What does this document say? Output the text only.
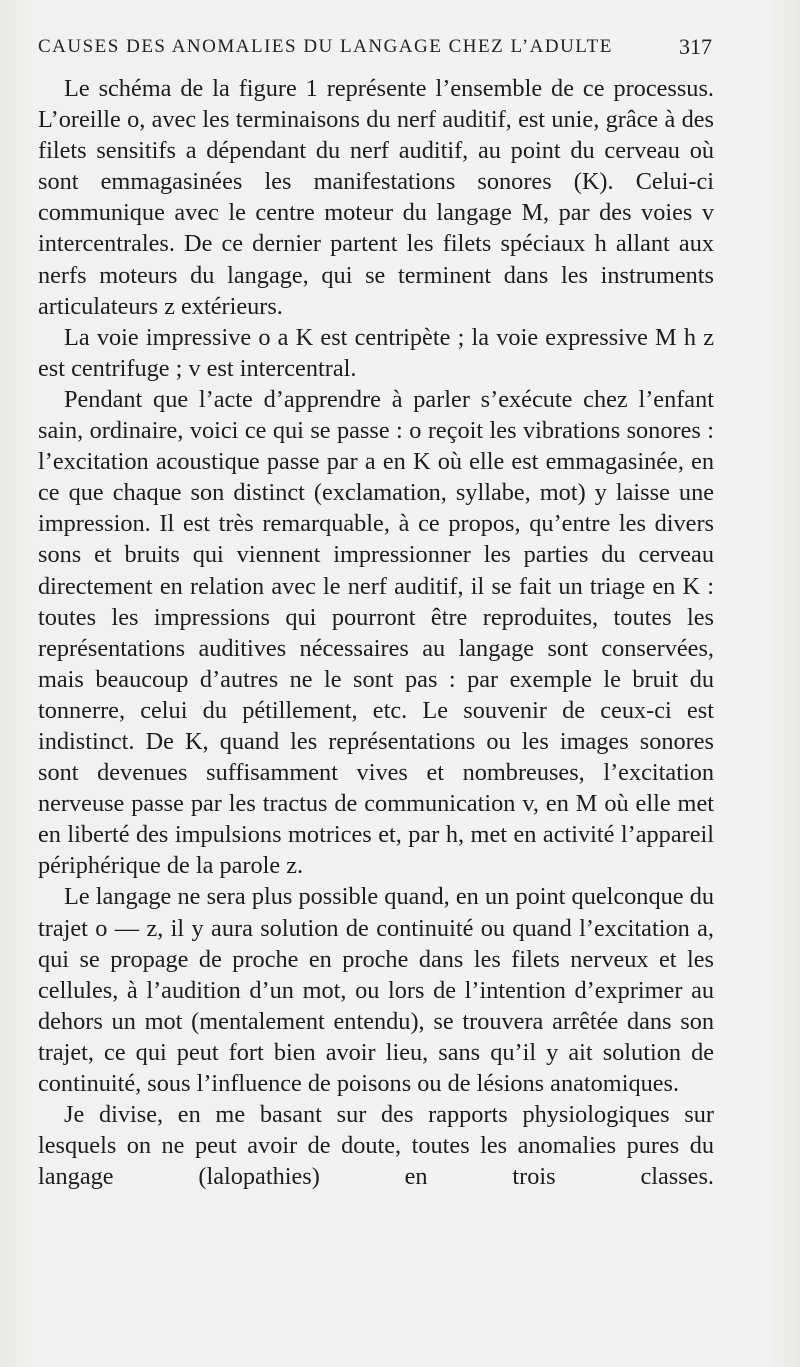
CAUSES DES ANOMALIES DU LANGAGE CHEZ L’ADULTE	317

Le schéma de la figure 1 représente l’ensemble de ce processus. L’oreille o, avec les terminaisons du nerf auditif, est unie, grâce à des filets sensitifs a dépendant du nerf auditif, au point du cerveau où sont emmagasinées les manifestations sonores (K). Celui-ci communique avec le centre moteur du langage M, par des voies v intercentrales. De ce dernier partent les filets spéciaux h allant aux nerfs moteurs du langage, qui se terminent dans les instruments articulateurs z extérieurs.

La voie impressive o a K est centripète ; la voie expressive M h z est centrifuge ; v est intercentral.

Pendant que l’acte d’apprendre à parler s’exécute chez l’enfant sain, ordinaire, voici ce qui se passe : o reçoit les vibrations sonores : l’excitation acoustique passe par a en K où elle est emmagasinée, en ce que chaque son distinct (exclamation, syllabe, mot) y laisse une impression. Il est très remarquable, à ce propos, qu’entre les divers sons et bruits qui viennent impressionner les parties du cerveau directement en relation avec le nerf auditif, il se fait un triage en K : toutes les impressions qui pourront être reproduites, toutes les représentations auditives nécessaires au langage sont conservées, mais beaucoup d’autres ne le sont pas : par exemple le bruit du tonnerre, celui du pétillement, etc. Le souvenir de ceux-ci est indistinct. De K, quand les représentations ou les images sonores sont devenues suffisamment vives et nombreuses, l’excitation nerveuse passe par les tractus de communication v, en M où elle met en liberté des impulsions motrices et, par h, met en activité l’appareil périphérique de la parole z.

Le langage ne sera plus possible quand, en un point quelconque du trajet o — z, il y aura solution de continuité ou quand l’excitation a, qui se propage de proche en proche dans les filets nerveux et les cellules, à l’audition d’un mot, ou lors de l’intention d’exprimer au dehors un mot (mentalement entendu), se trouvera arrêtée dans son trajet, ce qui peut fort bien avoir lieu, sans qu’il y ait solution de continuité, sous l’influence de poisons ou de lésions anatomiques.

Je divise, en me basant sur des rapports physiologiques sur lesquels on ne peut avoir de doute, toutes les anomalies pures du langage (lalopathies) en trois classes.
